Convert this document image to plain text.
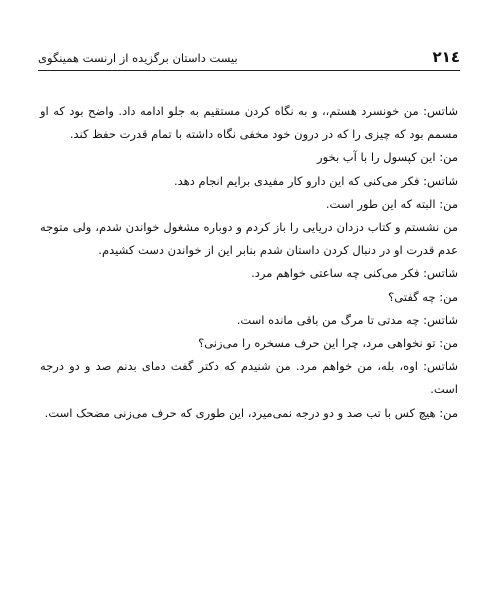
۲۱٤
بیست داستان برگزیده از ارنست همینگوی

شاتس: من خونسرد هستم،، و به نگاه کردن مستقیم به جلو ادامه داد. واضح بود که او مسمم بود که چیزی را که در درون خود مخفی نگاه داشته با تمام قدرت حفظ کند.

من: این کپسول را با آب بخور

شاتس: فکر می‌کنی که این دارو کار مفیدی برایم انجام دهد.

من: البته که این طور است.

من نشستم و کتاب دزدان دریایی را باز کردم و دوباره مشغول خواندن شدم، ولی متوجه عدم قدرت او در دنبال کردن داستان شدم بنابر این از خواندن دست کشیدم.

شاتس: فکر می‌کنی چه ساعتی خواهم مرد.

من: چه گفتی؟

شاتس: چه مدتی تا مرگ من باقی مانده است.

من: تو نخواهی مرد، چرا این حرف مسخره را می‌زنی؟

شاتس: اوه، بله، من خواهم مرد. من شنیدم که دکتر گفت دمای بدنم صد و دو درجه است.

من: هیچ کس با تب صد و دو درجه نمی‌میرد، این طوری که حرف می‌زنی مضحک است.
